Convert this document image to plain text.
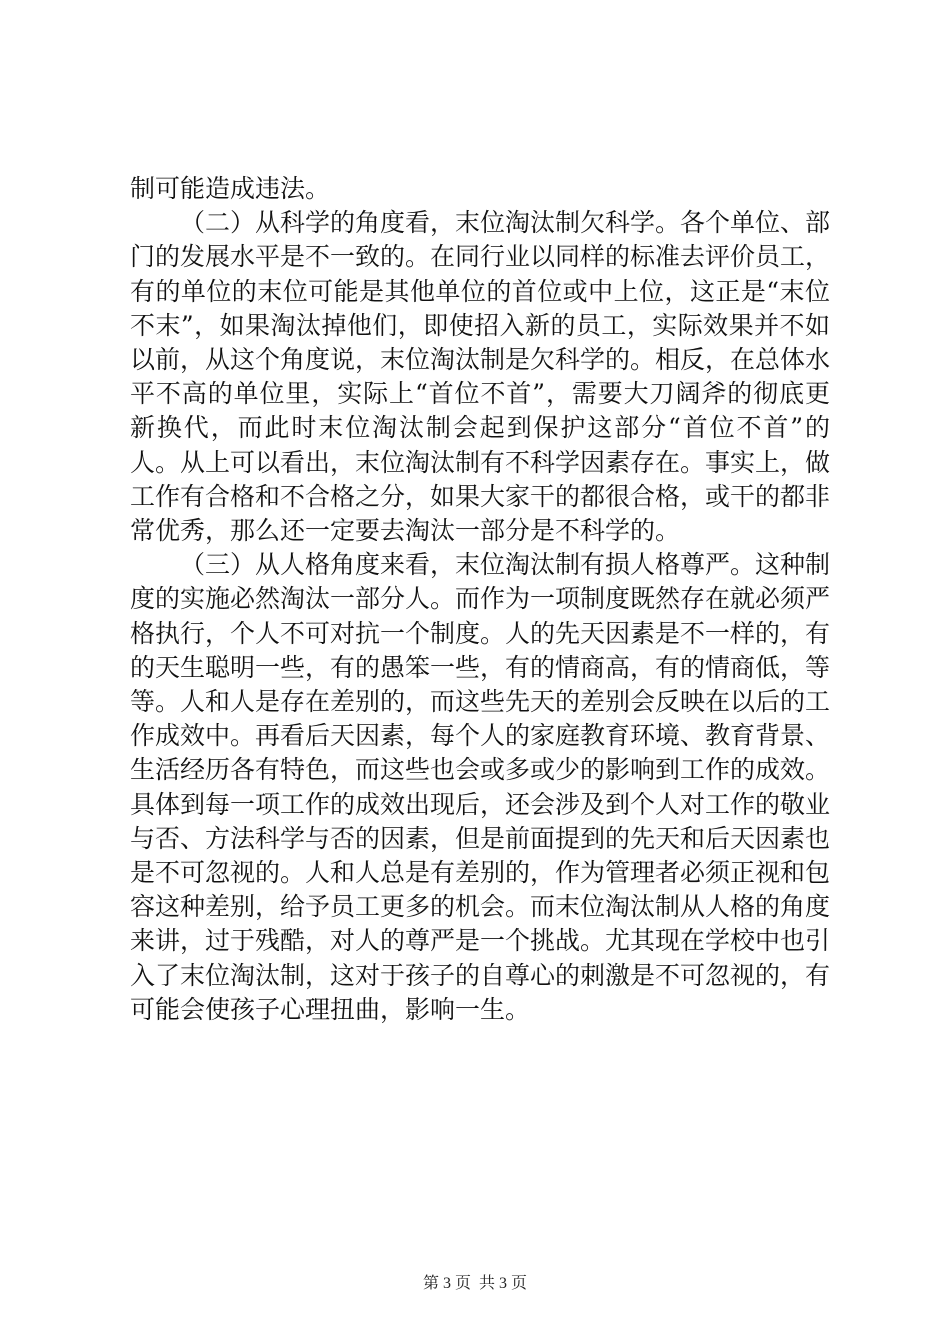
制可能造成违法。

（二）从科学的角度看，末位淘汰制欠科学。各个单位、部门的发展水平是不一致的。在同行业以同样的标准去评价员工，有的单位的末位可能是其他单位的首位或中上位，这正是“末位不末”，如果淘汰掉他们，即使招入新的员工，实际效果并不如以前，从这个角度说，末位淘汰制是欠科学的。相反，在总体水平不高的单位里，实际上“首位不首”，需要大刀阔斧的彻底更新换代，而此时末位淘汰制会起到保护这部分“首位不首”的人。从上可以看出，末位淘汰制有不科学因素存在。事实上，做工作有合格和不合格之分，如果大家干的都很合格，或干的都非常优秀，那么还一定要去淘汰一部分是不科学的。

（三）从人格角度来看，末位淘汰制有损人格尊严。这种制度的实施必然淘汰一部分人。而作为一项制度既然存在就必须严格执行，个人不可对抗一个制度。人的先天因素是不一样的，有的天生聪明一些，有的愚笨一些，有的情商高，有的情商低，等等。人和人是存在差别的，而这些先天的差别会反映在以后的工作成效中。再看后天因素，每个人的家庭教育环境、教育背景、生活经历各有特色，而这些也会或多或少的影响到工作的成效。具体到每一项工作的成效出现后，还会涉及到个人对工作的敬业与否、方法科学与否的因素，但是前面提到的先天和后天因素也是不可忽视的。人和人总是有差别的，作为管理者必须正视和包容这种差别，给予员工更多的机会。而末位淘汰制从人格的角度来讲，过于残酷，对人的尊严是一个挑战。尤其现在学校中也引入了末位淘汰制，这对于孩子的自尊心的刺激是不可忽视的，有可能会使孩子心理扭曲，影响一生。

第 3 页  共 3 页
